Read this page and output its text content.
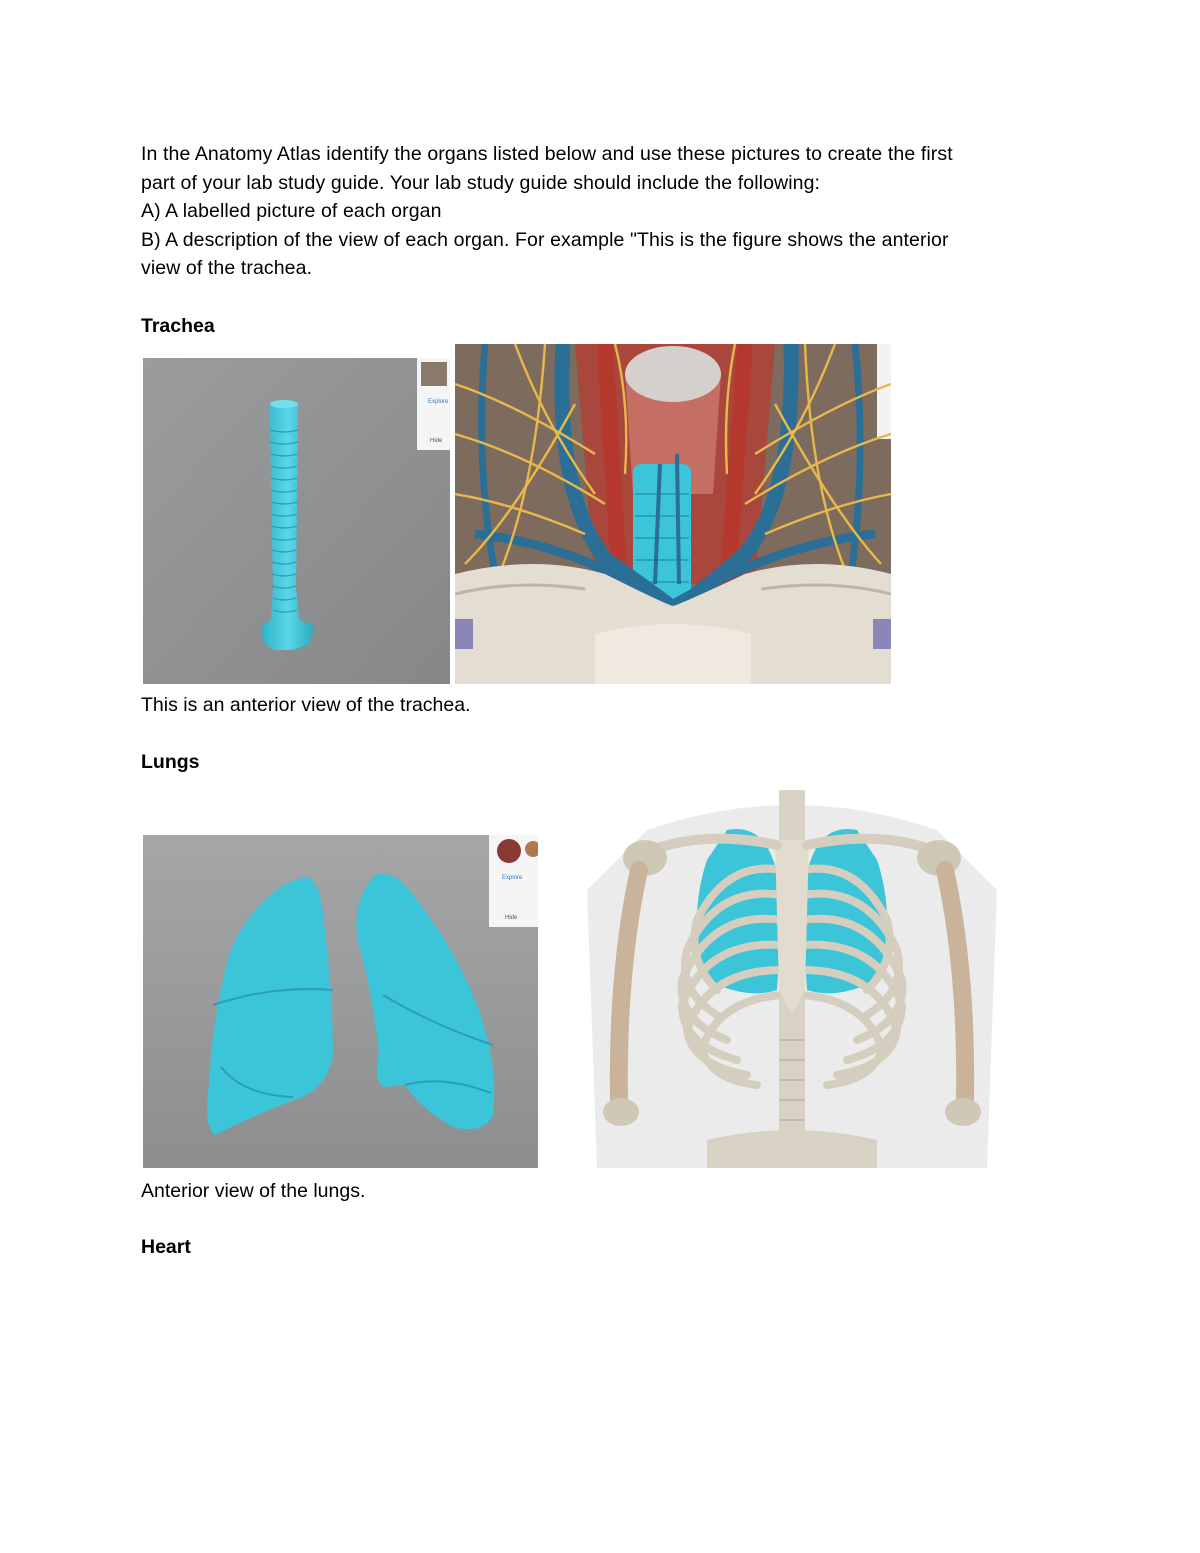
In the Anatomy Atlas identify the organs listed below and use these pictures to create the first

part of your lab study guide. Your lab study guide should include the following:

A) A labelled picture of each organ

B) A description of the view of each organ. For example "This is the figure shows the anterior

view of the trachea.

Trachea
Explore
Hide
This is an anterior view of the trachea.
Lungs
Explore
Hide
Anterior view of the lungs.
Heart
